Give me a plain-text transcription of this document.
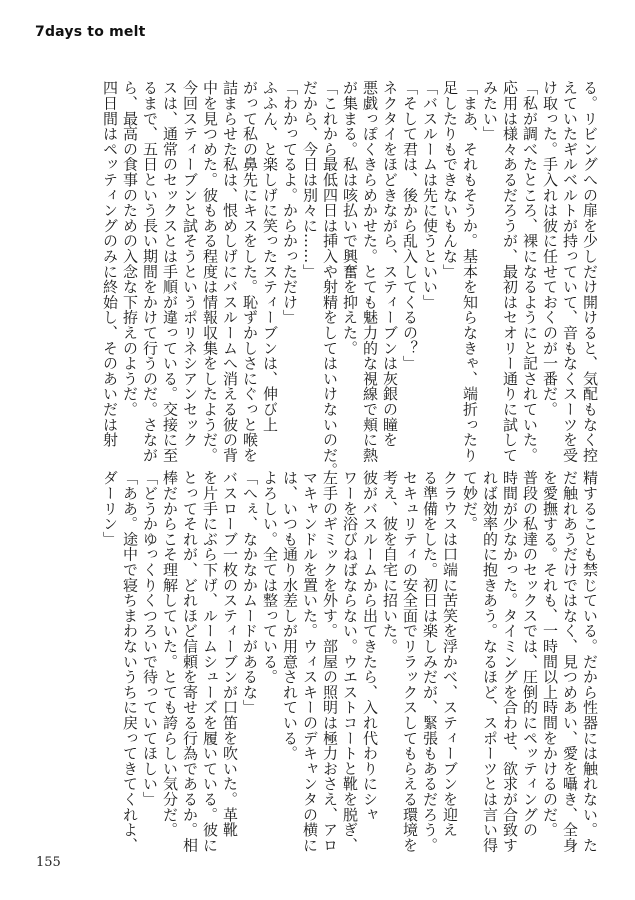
7days to melt
る。リビングへの扉を少しだけ開けると、気配もなく控
えていたギルベルトが持っていて、音もなくスーツを受
け取った。手入れは彼に任せておくのが一番だ。
「私が調べたところ、裸になるようにと記されていた。
応用は様々あるだろうが、最初はセオリー通りに試して
みたい」
「まあ、それもそうか。基本を知らなきゃ、端折ったり
足したりもできないもんな」
「バスルームは先に使うといい」
「そして君は、後から乱入してくるの？」
ネクタイをほどきながら、スティーブンは灰銀の瞳を
悪戯っぽくきらめかせた。とても魅力的な視線で頬に熱
が集まる。私は咳払いで興奮を抑えた。
「これから最低四日は挿入や射精をしてはいけないのだ。
だから、今日は別々に……」
「わかってるよ。からかっただけ」
ふふん、と楽しげに笑ったスティーブンは、伸び上
がって私の鼻先にキスをした。恥ずかしさにぐっと喉を
詰まらせた私は、恨めしげにバスルームへ消える彼の背
中を見つめた。彼もある程度は情報収集をしたようだ。
今回スティーブンと試そうというポリネシアンセック
スは、通常のセックスとは手順が違っている。交接に至
るまで、五日という長い期間をかけて行うのだ。さなが
ら、最高の食事のための入念な下拵えのようだ。
四日間はペッティングのみに終始し、そのあいだは射
精することも禁じている。だから性器には触れない。た
だ触れあうだけではなく、見つめあい、愛を囁き、全身
を愛撫する。それも、一時間以上時間をかけるのだ。
普段の私達のセックスでは、圧倒的にペッティングの
時間が少なかった。タイミングを合わせ、欲求が合致す
れば効率的に抱きあう。なるほど、スポーツとは言い得
て妙だ。
クラウスは口端に苦笑を浮かべ、スティーブンを迎え
る準備をした。初日は楽しみだが、緊張もあるだろう。
セキュリティの安全面でリラックスしてもらえる環境を
考え、彼を自宅に招いた。
彼がバスルームから出てきたら、入れ代わりにシャ
ワーを浴びねばならない。ウエストコートと靴を脱ぎ、
左手のギミックを外す。部屋の照明は極力おさえ、アロ
マキャンドルを置いた。ウィスキーのデキャンタの横に
は、いつも通り水差しが用意されている。
よろしい。全ては整っている。
「へぇ、なかなかムードがあるな」
バスローブ一枚のスティーブンが口笛を吹いた。革靴
を片手にぶら下げ、ルームシューズを履いている。彼に
とってそれが、どれほど信頼を寄せる行為であるか。相
棒だからこそ理解していた。とても誇らしい気分だ。
「どうかゆっくりくつろいで待っていてほしい」
「ああ。途中で寝ちまわないうちに戻ってきてくれよ、
ダーリン」
155
